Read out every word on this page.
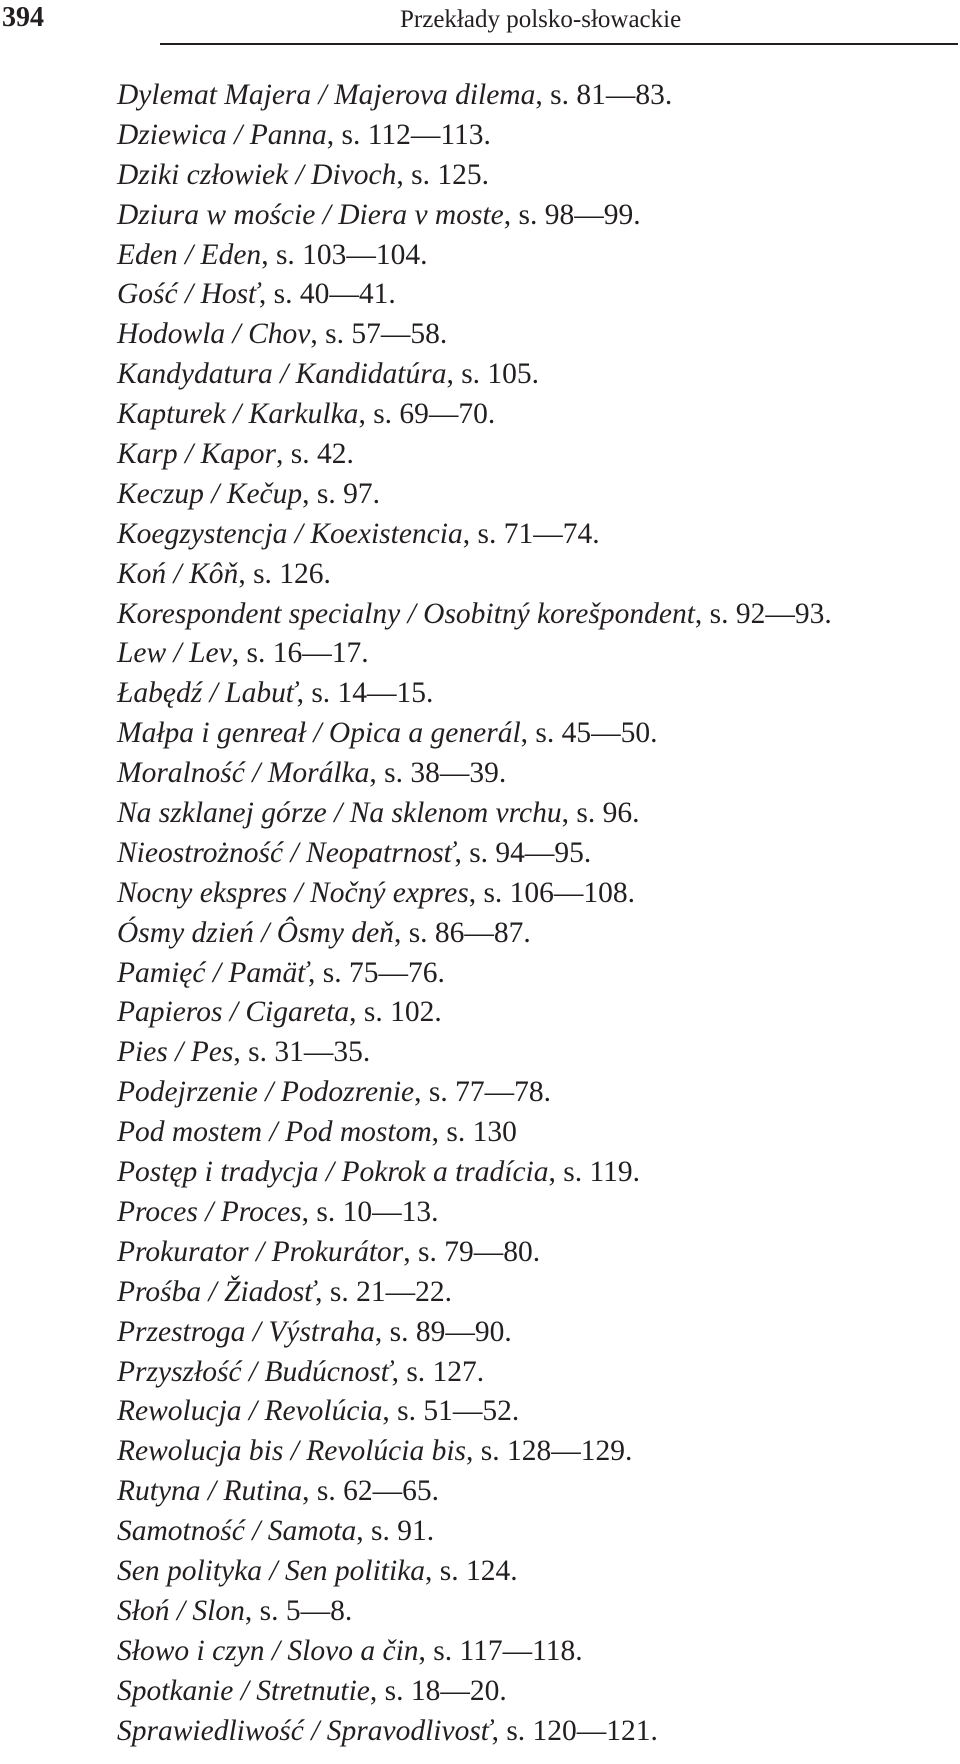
394	Przekłady polsko-słowackie
Dylemat Majera / Majerova dilema, s. 81—83.
Dziewica / Panna, s. 112—113.
Dziki człowiek / Divoch, s. 125.
Dziura w moście / Diera v moste, s. 98—99.
Eden / Eden, s. 103—104.
Gość / Hosť, s. 40—41.
Hodowla / Chov, s. 57—58.
Kandydatura / Kandidatúra, s. 105.
Kapturek / Karkulka, s. 69—70.
Karp / Kapor, s. 42.
Keczup / Kečup, s. 97.
Koegzystencja / Koexistencia, s. 71—74.
Koń / Kôň, s. 126.
Korespondent specialny / Osobitný korešpondent, s. 92—93.
Lew / Lev, s. 16—17.
Łabędź / Labuť, s. 14—15.
Małpa i genreał / Opica a generál, s. 45—50.
Moralność / Morálka, s. 38—39.
Na szklanej górze / Na sklenom vrchu, s. 96.
Nieostrożność / Neopatrnosť, s. 94—95.
Nocny ekspres / Nočný expres, s. 106—108.
Ósmy dzień / Ôsmy deň, s. 86—87.
Pamięć / Pamäť, s. 75—76.
Papieros / Cigareta, s. 102.
Pies / Pes, s. 31—35.
Podejrzenie / Podozrenie, s. 77—78.
Pod mostem / Pod mostom, s. 130
Postęp i tradycja / Pokrok a tradícia, s. 119.
Proces / Proces, s. 10—13.
Prokurator / Prokurátor, s. 79—80.
Prośba / Žiadosť, s. 21—22.
Przestroga / Výstraha, s. 89—90.
Przyszłość / Budúcnosť, s. 127.
Rewolucja / Revolúcia, s. 51—52.
Rewolucja bis / Revolúcia bis, s. 128—129.
Rutyna / Rutina, s. 62—65.
Samotność / Samota, s. 91.
Sen polityka / Sen politika, s. 124.
Słoń / Slon, s. 5—8.
Słowo i czyn / Slovo a čin, s. 117—118.
Spotkanie / Stretnutie, s. 18—20.
Sprawiedliwość / Spravodlivosť, s. 120—121.
